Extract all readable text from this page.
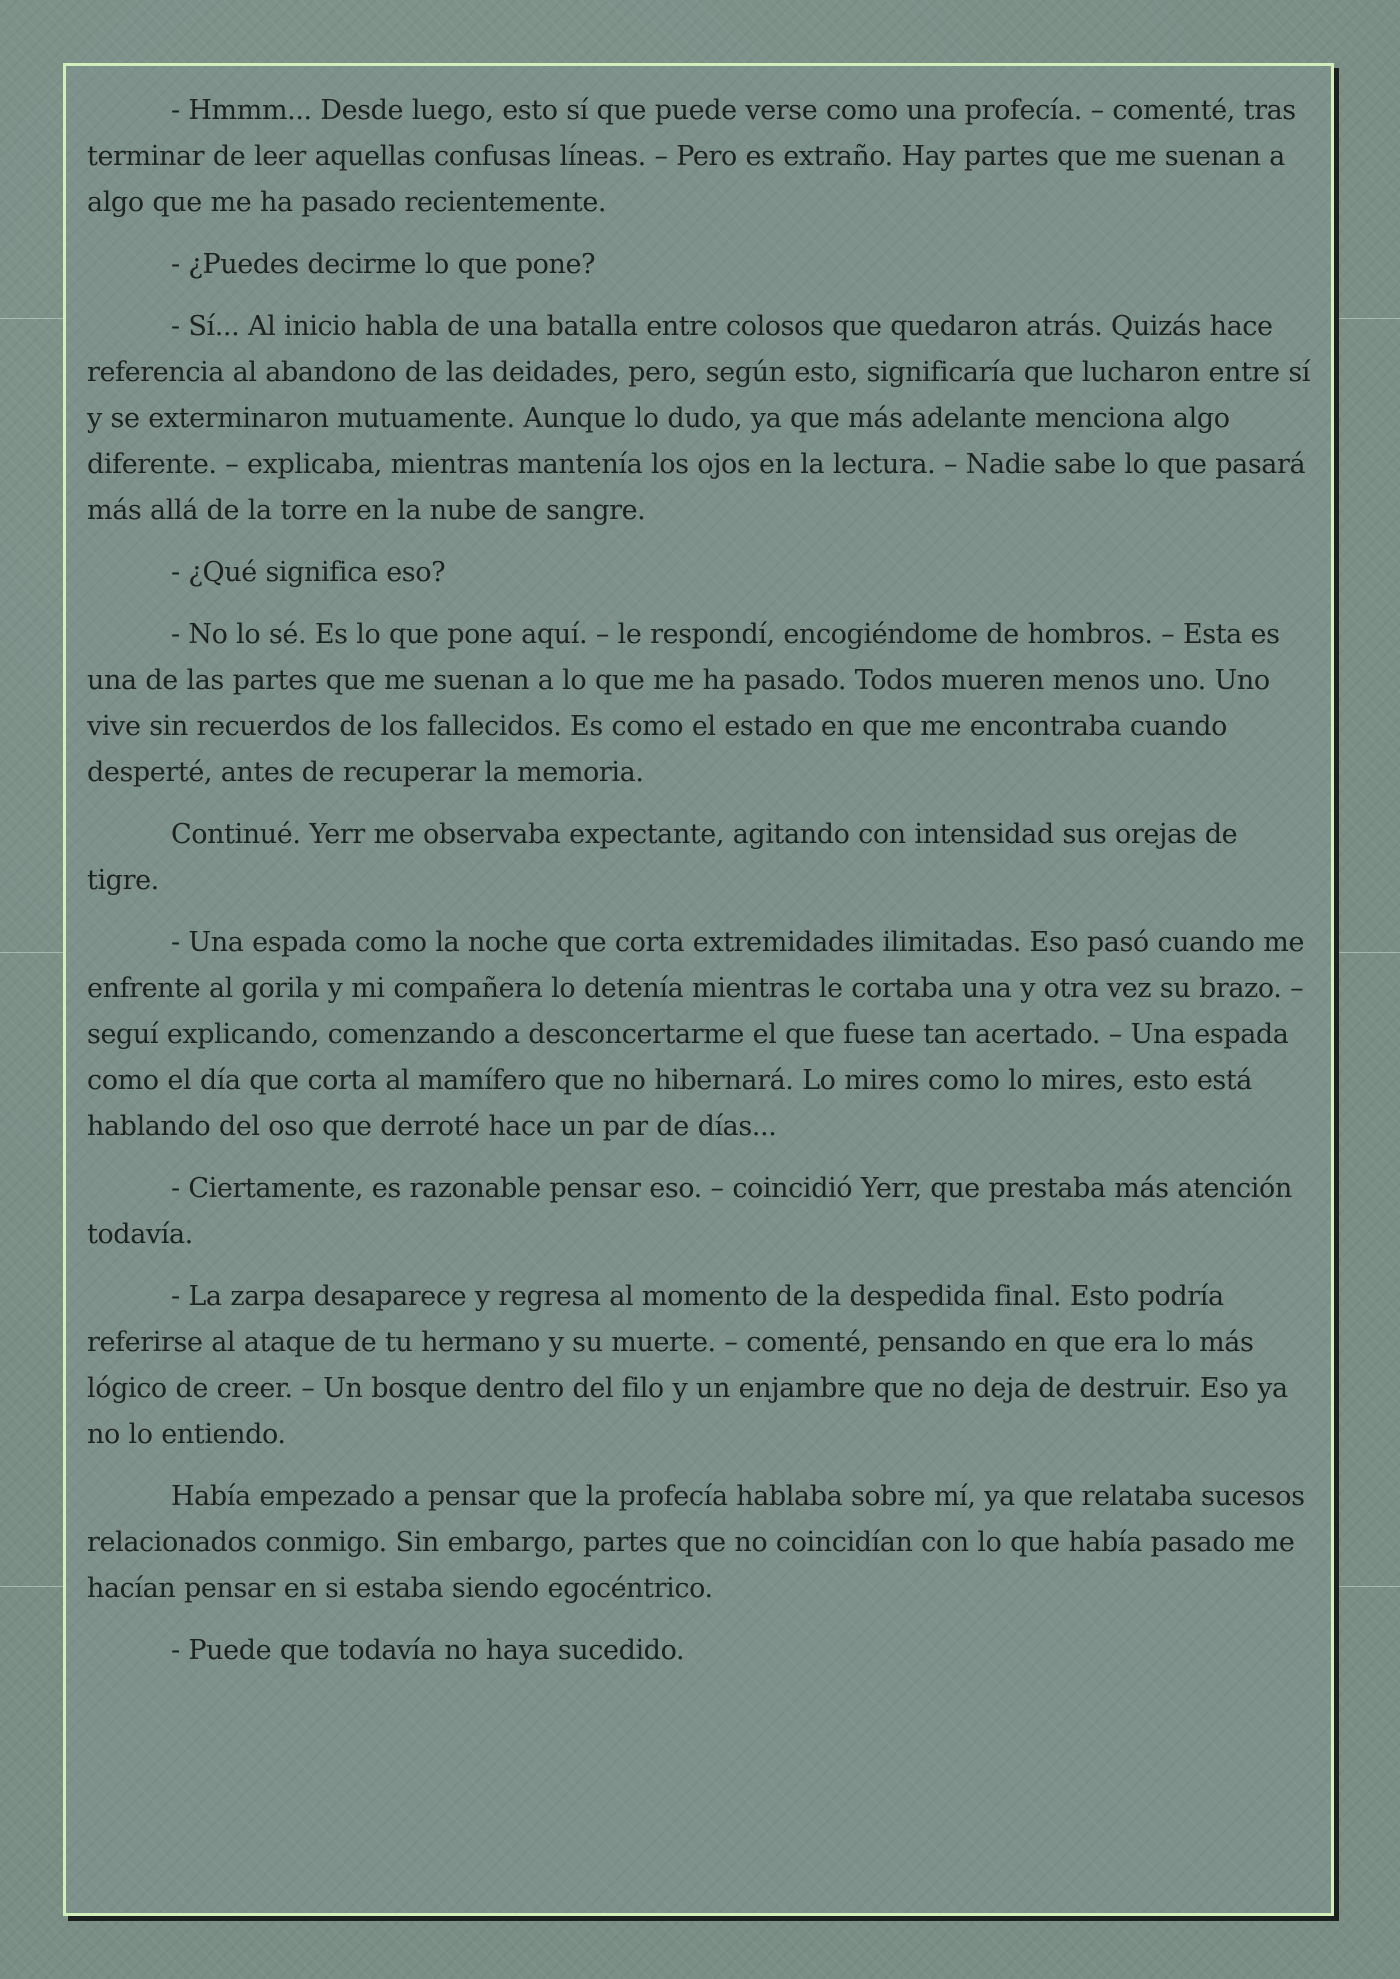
- Hmmm... Desde luego, esto sí que puede verse como una profecía. – comenté, tras terminar de leer aquellas confusas líneas. – Pero es extraño. Hay partes que me suenan a algo que me ha pasado recientemente.

- ¿Puedes decirme lo que pone?

- Sí... Al inicio habla de una batalla entre colosos que quedaron atrás. Quizás hace referencia al abandono de las deidades, pero, según esto, significaría que lucharon entre sí y se exterminaron mutuamente. Aunque lo dudo, ya que más adelante menciona algo diferente. – explicaba, mientras mantenía los ojos en la lectura. – Nadie sabe lo que pasará más allá de la torre en la nube de sangre.

- ¿Qué significa eso?

- No lo sé. Es lo que pone aquí. – le respondí, encogiéndome de hombros. – Esta es una de las partes que me suenan a lo que me ha pasado. Todos mueren menos uno. Uno vive sin recuerdos de los fallecidos. Es como el estado en que me encontraba cuando desperté, antes de recuperar la memoria.

Continué. Yerr me observaba expectante, agitando con intensidad sus orejas de tigre.

- Una espada como la noche que corta extremidades ilimitadas. Eso pasó cuando me enfrente al gorila y mi compañera lo detenía mientras le cortaba una y otra vez su brazo. – seguí explicando, comenzando a desconcertarme el que fuese tan acertado. – Una espada como el día que corta al mamífero que no hibernará. Lo mires como lo mires, esto está hablando del oso que derroté hace un par de días...

- Ciertamente, es razonable pensar eso. – coincidió Yerr, que prestaba más atención todavía.

- La zarpa desaparece y regresa al momento de la despedida final. Esto podría referirse al ataque de tu hermano y su muerte. – comenté, pensando en que era lo más lógico de creer. – Un bosque dentro del filo y un enjambre que no deja de destruir. Eso ya no lo entiendo.

Había empezado a pensar que la profecía hablaba sobre mí, ya que relataba sucesos relacionados conmigo. Sin embargo, partes que no coincidían con lo que había pasado me hacían pensar en si estaba siendo egocéntrico.

- Puede que todavía no haya sucedido.
